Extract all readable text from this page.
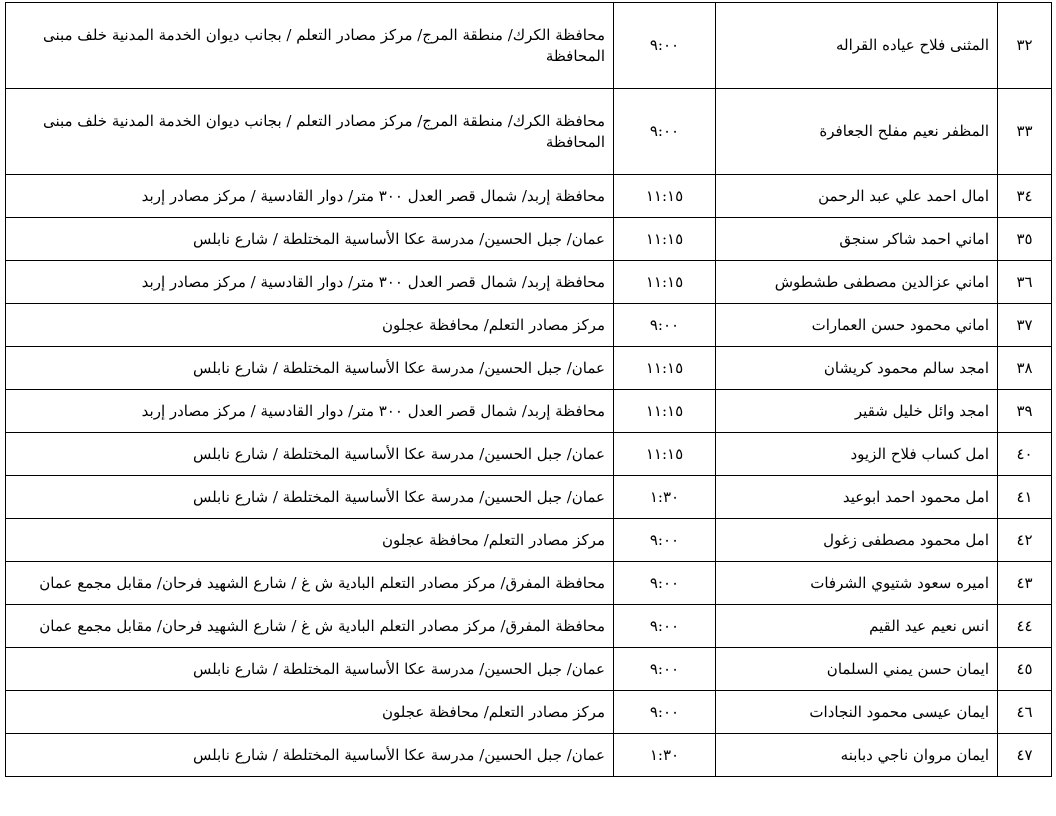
٣٢	المثنى فلاح عياده القراله	٩:٠٠	محافظة الكرك/ منطقة المرج/ مركز مصادر التعلم / بجانب ديوان الخدمة المدنية خلف مبنى المحافظة
٣٣	المظفر نعيم مفلح الجعافرة	٩:٠٠	محافظة الكرك/ منطقة المرج/ مركز مصادر التعلم / بجانب ديوان الخدمة المدنية خلف مبنى المحافظة
٣٤	امال احمد علي عبد الرحمن	١١:١٥	محافظة إربد/ شمال قصر العدل ٣٠٠ متر/ دوار القادسية / مركز مصادر إربد
٣٥	اماني احمد شاكر سنجق	١١:١٥	عمان/ جبل الحسين/ مدرسة عكا الأساسية المختلطة / شارع نابلس
٣٦	اماني عزالدين مصطفى طشطوش	١١:١٥	محافظة إربد/ شمال قصر العدل ٣٠٠ متر/ دوار القادسية / مركز مصادر إربد
٣٧	اماني محمود حسن العمارات	٩:٠٠	مركز مصادر التعلم/ محافظة عجلون
٣٨	امجد سالم محمود كريشان	١١:١٥	عمان/ جبل الحسين/ مدرسة عكا الأساسية المختلطة / شارع نابلس
٣٩	امجد وائل خليل شقير	١١:١٥	محافظة إربد/ شمال قصر العدل ٣٠٠ متر/ دوار القادسية / مركز مصادر إربد
٤٠	امل كساب فلاح الزيود	١١:١٥	عمان/ جبل الحسين/ مدرسة عكا الأساسية المختلطة / شارع نابلس
٤١	امل محمود احمد ابوعيد	١:٣٠	عمان/ جبل الحسين/ مدرسة عكا الأساسية المختلطة / شارع نابلس
٤٢	امل محمود مصطفى زغول	٩:٠٠	مركز مصادر التعلم/ محافظة عجلون
٤٣	اميره سعود شتيوي الشرفات	٩:٠٠	محافظة المفرق/ مركز مصادر التعلم البادية ش غ / شارع الشهيد فرحان/ مقابل مجمع عمان
٤٤	انس نعيم عيد القيم	٩:٠٠	محافظة المفرق/ مركز مصادر التعلم البادية ش غ / شارع الشهيد فرحان/ مقابل مجمع عمان
٤٥	ايمان حسن يمني السلمان	٩:٠٠	عمان/ جبل الحسين/ مدرسة عكا الأساسية المختلطة / شارع نابلس
٤٦	ايمان عيسى محمود النجادات	٩:٠٠	مركز مصادر التعلم/ محافظة عجلون
٤٧	ايمان مروان ناجي دبابنه	١:٣٠	عمان/ جبل الحسين/ مدرسة عكا الأساسية المختلطة / شارع نابلس
